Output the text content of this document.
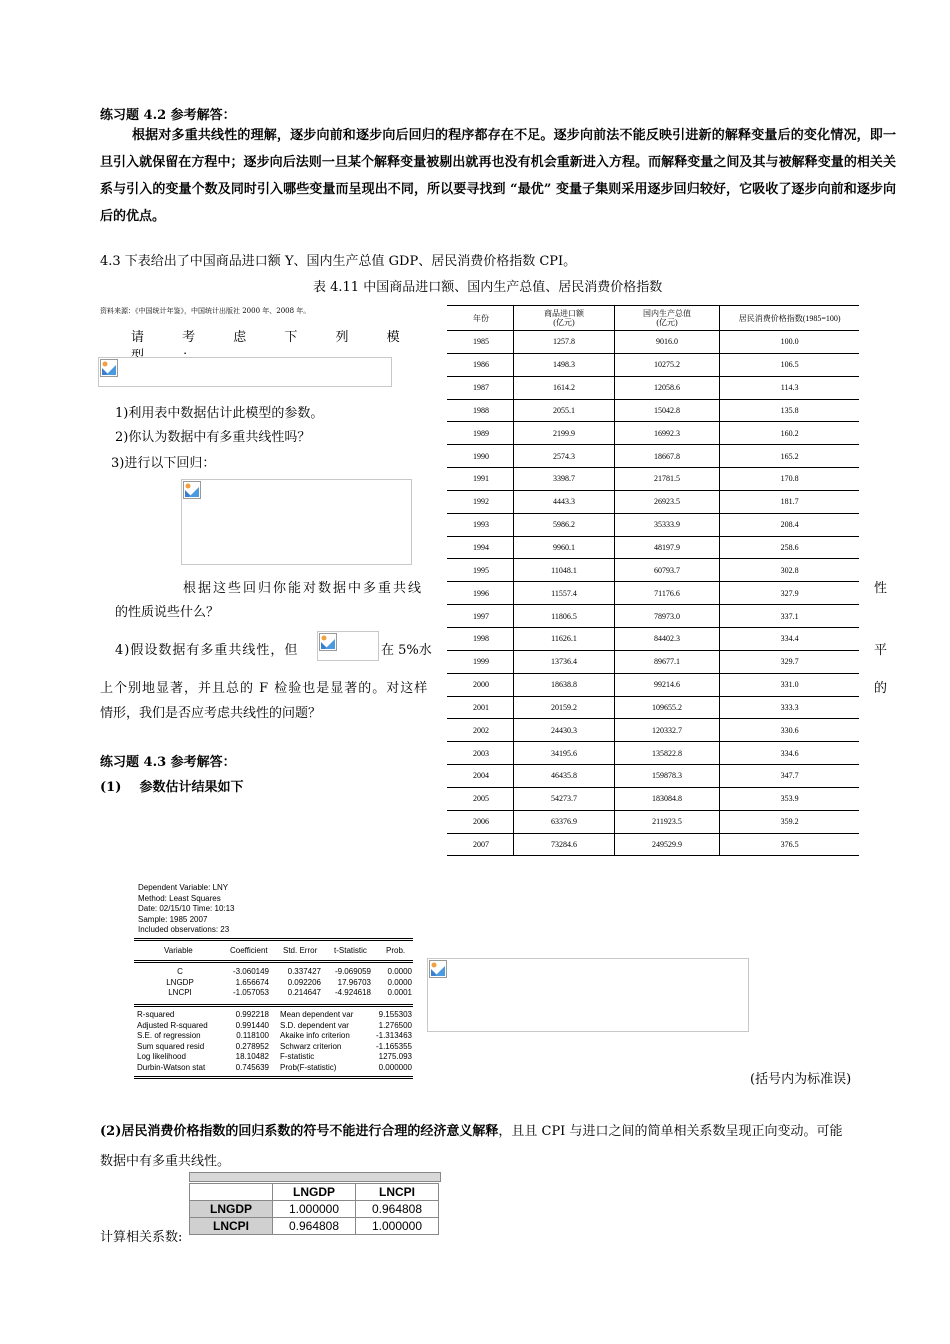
练习题 4.2 参考解答：
根据对多重共线性的理解，逐步向前和逐步向后回归的程序都存在不足。逐步向前法不能反映引进新的解释变量后的变化情况，即一旦引入就保留在方程中；逐步向后法则一旦某个解释变量被剔出就再也没有机会重新进入方程。而解释变量之间及其与被解释变量的相关关系与引入的变量个数及同时引入哪些变量而呈现出不同，所以要寻找到 “最优” 变量子集则采用逐步回归较好，它吸收了逐步向前和逐步向后的优点。
4.3 下表给出了中国商品进口额 Y、国内生产总值 GDP、居民消费价格指数 CPI。
表 4.11 中国商品进口额、国内生产总值、居民消费价格指数
资料来源：《中国统计年鉴》，中国统计出版社 2000 年、2008 年。
请 考 虑 下 列 模
1)利用表中数据估计此模型的参数。
2)你认为数据中有多重共线性吗？
3)进行以下回归：
根据这些回归你能对数据中多重共线	性
的性质说些什么？
4)假设数据有多重共线性，但	在 5%水	平
上个别地显著，并且总的 F 检验也是显著的。对这样	的
情形，我们是否应考虑共线性的问题？
练习题 4.3 参考解答：
(1)    参数估计结果如下
年份	商品进口额
(亿元)	国内生产总值
(亿元)	居民消费价格指数(1985=100)
1985	1257.8	9016.0	100.0
1986	1498.3	10275.2	106.5
1987	1614.2	12058.6	114.3
1988	2055.1	15042.8	135.8
1989	2199.9	16992.3	160.2
1990	2574.3	18667.8	165.2
1991	3398.7	21781.5	170.8
1992	4443.3	26923.5	181.7
1993	5986.2	35333.9	208.4
1994	9960.1	48197.9	258.6
1995	11048.1	60793.7	302.8
1996	11557.4	71176.6	327.9
1997	11806.5	78973.0	337.1
1998	11626.1	84402.3	334.4
1999	13736.4	89677.1	329.7
2000	18638.8	99214.6	331.0
2001	20159.2	109655.2	333.3
2002	24430.3	120332.7	330.6
2003	34195.6	135822.8	334.6
2004	46435.8	159878.3	347.7
2005	54273.7	183084.8	353.9
2006	63376.9	211923.5	359.2
2007	73284.6	249529.9	376.5
Dependent Variable: LNY
Method: Least Squares
Date: 02/15/10 Time: 10:13
Sample: 1985 2007
Included observations: 23
Variable	Coefficient Std. Error t-Statistic Prob.
C	-3.060149 0.337427 -9.069059 0.0000
LNGDP	1.656674 0.092206 17.96703 0.0000
LNCPI	-1.057053 0.214647 -4.924618 0.0001
R-squared	0.992218 Mean dependent var	9.155303
Adjusted R-squared	0.991440 S.D. dependent var	1.276500
S.E. of regression	0.118100 Akaike info criterion	-1.313463
Sum squared resid	0.278952 Schwarz criterion	-1.165355
Log likelihood	18.10482 F-statistic	1275.093
Durbin-Watson stat	0.745639 Prob(F-statistic)	0.000000
(括号内为标准误)
(2)居民消费价格指数的回归系数的符号不能进行合理的经济意义解释，且且 CPI 与进口之间的简单相关系数呈现正向变动。可能
数据中有多重共线性。
计算相关系数:
	LNGDP	LNCPI
LNGDP	1.000000	0.964808
LNCPI	0.964808	1.000000
